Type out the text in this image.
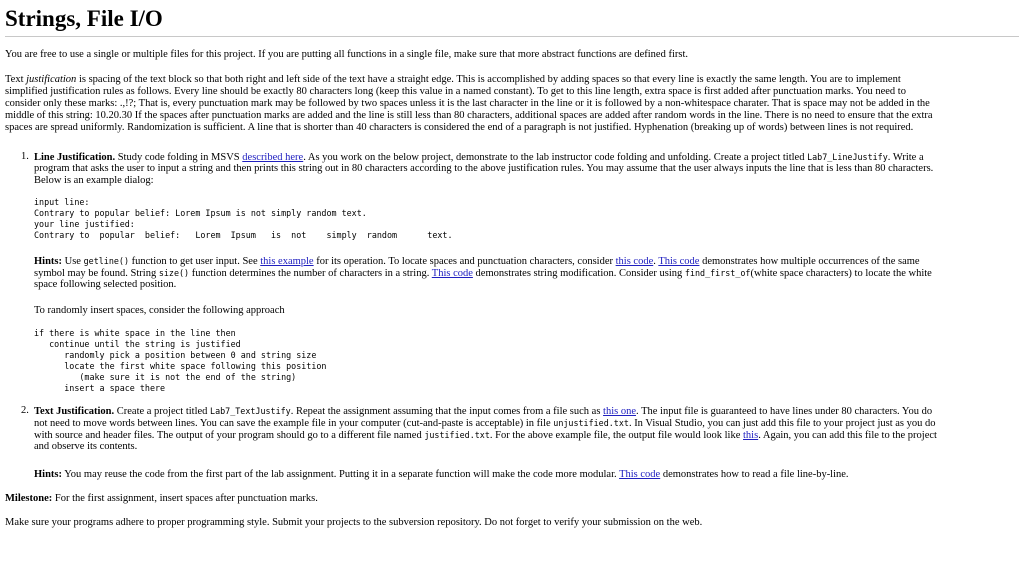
Strings, File I/O

You are free to use a single or multiple files for this project. If you are putting all functions in a single file, make sure that more abstract functions are defined first.

Text justification is spacing of the text block so that both right and left side of the text have a straight edge. This is accomplished by adding spaces so that every line is exactly the same length. You are to implement

simplified justification rules as follows. Every line should be exactly 80 characters long (keep this value in a named constant). To get to this line length, extra space is first added after punctuation marks. You need to

consider only these marks: .,!?; That is, every punctuation mark may be followed by two spaces unless it is the last character in the line or it is followed by a non-whitespace charater. That is space may not be added in the

middle of this string: 10.20.30 If the spaces after punctuation marks are added and the line is still less than 80 characters, additional spaces are added after random words in the line. There is no need to ensure that the extra

spaces are spread uniformly. Randomization is sufficient. A line that is shorter than 40 characters is considered the end of a paragraph is not justified. Hyphenation (breaking up of words) between lines is not required.

1. Line Justification. Study code folding in MSVS described here. As you work on the below project, demonstrate to the lab instructor code folding and unfolding. Create a project titled Lab7_LineJustify. Write a

program that asks the user to input a string and then prints this string out in 80 characters according to the above justification rules. You may assume that the user always inputs the line that is less than 80 characters.

Below is an example dialog:

input line:
Contrary to popular belief: Lorem Ipsum is not simply random text.
your line justified:
Contrary to  popular  belief:   Lorem  Ipsum   is  not    simply  random      text.

Hints: Use getline() function to get user input. See this example for its operation. To locate spaces and punctuation characters, consider this code. This code demonstrates how multiple occurrences of the same

symbol may be found. String size() function determines the number of characters in a string. This code demonstrates string modification. Consider using find_first_of(white space characters) to locate the white

space following selected position.

To randomly insert spaces, consider the following approach

if there is white space in the line then
continue until the string is justified
randomly pick a position between 0 and string size
locate the first white space following this position
(make sure it is not the end of the string)
insert a space there
2. Text Justification. Create a project titled Lab7_TextJustify. Repeat the assignment assuming that the input comes from a file such as this one. The input file is guaranteed to have lines under 80 characters. You do

not need to move words between lines. You can save the example file in your computer (cut-and-paste is acceptable) in file unjustified.txt. In Visual Studio, you can just add this file to your project just as you do

with source and header files. The output of your program should go to a different file named justified.txt. For the above example file, the output file would look like this. Again, you can add this file to the project

and observe its contents.

Hints: You may reuse the code from the first part of the lab assignment. Putting it in a separate function will make the code more modular. This code demonstrates how to read a file line-by-line.

Milestone: For the first assignment, insert spaces after punctuation marks.

Make sure your programs adhere to proper programming style. Submit your projects to the subversion repository. Do not forget to verify your submission on the web.
